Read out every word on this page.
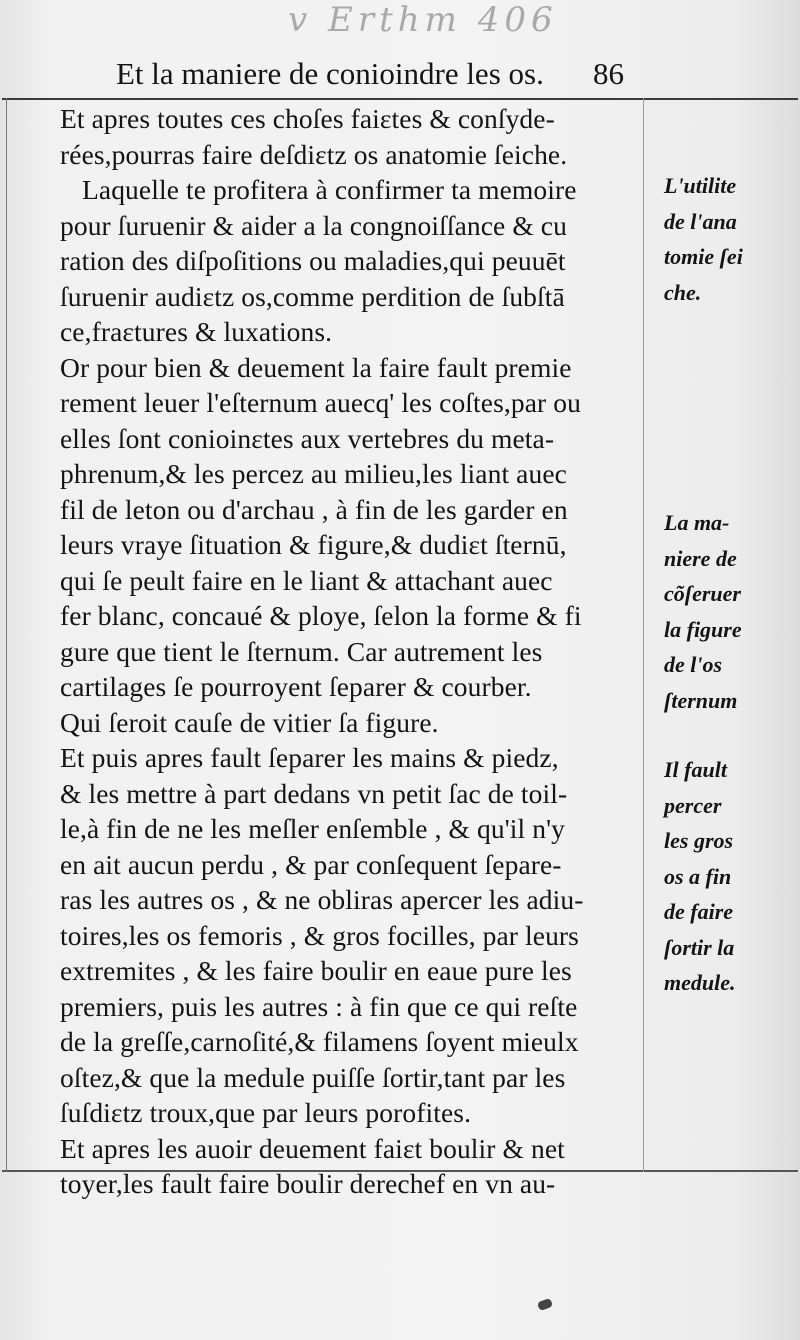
v Erthm 406
Et la maniere de conioindre les os. 86
Et apres toutes ces choſes faiɛtes & conſyde-
rées,pourras faire deſdiɛtz os anatomie ſeiche.
Laquelle te profitera à confirmer ta memoire
pour ſuruenir & aider a la congnoiſſance & cu
ration des diſpoſitions ou maladies,qui peuuēt
ſuruenir audiɛtz os,comme perdition de ſubſtā
ce,fraɛtures & luxations.
Or pour bien & deuement la faire fault premie
rement leuer l'eſternum auecq' les coſtes,par ou
elles ſont conioinɛtes aux vertebres du meta-
phrenum,& les percez au milieu,les liant auec
fil de leton ou d'archau , à fin de les garder en
leurs vraye ſituation & figure,& dudiɛt ſternū,
qui ſe peult faire en le liant & attachant auec
fer blanc, concaué & ploye, ſelon la forme & fi
gure que tient le ſternum. Car autrement les
cartilages ſe pourroyent ſeparer & courber.
Qui ſeroit cauſe de vitier ſa figure.
Et puis apres fault ſeparer les mains & piedz,
& les mettre à part dedans vn petit ſac de toil-
le,à fin de ne les meſler enſemble , & qu'il n'y
en ait aucun perdu , & par conſequent ſepare-
ras les autres os , & ne obliras apercer les adiu-
toires,les os femoris , & gros focilles, par leurs
extremites , & les faire boulir en eaue pure les
premiers, puis les autres : à fin que ce qui reſte
de la greſſe,carnoſité,& filamens ſoyent mieulx
oſtez,& que la medule puiſſe ſortir,tant par les
ſuſdiɛtz troux,que par leurs porofites.
Et apres les auoir deuement faiɛt boulir & net
toyer,les fault faire boulir derechef en vn au-
L'utilite
de l'ana
tomie ſei
che.
La ma-
niere de
cõſeruer
la figure
de l'os
ſternum
Il fault
percer
les gros
os a fin
de faire
ſortir la
medule.
